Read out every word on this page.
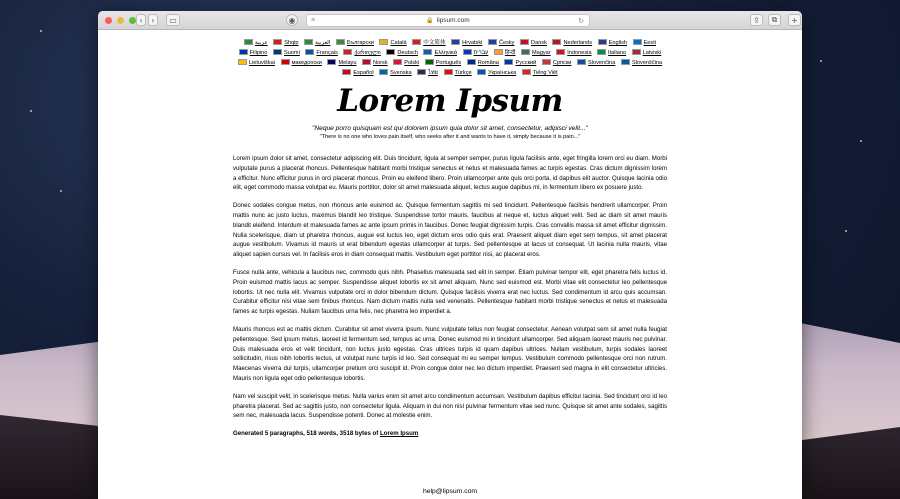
‹	›	▭	◉	≡	🔒 lipsum.com	↻	⇪	⧉	+
عربية	Shqip	العربية	Български	Català	中文简体	Hrvatski	Česky	Dansk	Nederlands	English	Eesti Filipino	Suomi	Français	ქართული	Deutsch	Ελληνικά	עברית	हिन्दी	Magyar	Indonesia	Italiano	Latviski Lietuviškai	македонски	Melayu	Norsk	Polski	Português	Româna	Pyccкий	Српски	Slovenčina	Slovenščina Español	Svenska	ไทย	Türkçe	Українська	Tiếng Việt
Lorem Ipsum
"Neque porro quisquam est qui dolorem ipsum quia dolor sit amet, consectetur, adipisci velit..."
"There is no one who loves pain itself, who seeks after it and wants to have it, simply because it is pain..."

Lorem ipsum dolor sit amet, consectetur adipiscing elit. Duis tincidunt, ligula at semper semper, purus ligula facilisis ante, eget fringilla lorem orci eu diam. Morbi vulputate purus a placerat rhoncus. Pellentesque habitant morbi tristique senectus et netus et malesuada fames ac turpis egestas. Cras dictum dignissim lorem a efficitur. Nunc efficitur purus in orci placerat rhoncus. Proin eu eleifend libero. Proin ullamcorper ante quis orci porta, id dapibus elit auctor. Quisque lacinia odio elit, eget commodo massa volutpat eu. Mauris porttitor, dolor sit amet malesuada aliquet, lectus augue dapibus mi, in fermentum libero ex posuere justo.

Donec sodales congue metus, non rhoncus ante euismod ac. Quisque fermentum sagittis mi sed tincidunt. Pellentesque facilisis hendrerit ullamcorper. Proin mattis nunc ac justo luctus, maximus blandit leo tristique. Suspendisse tortor mauris, faucibus at neque et, luctus aliquet velit. Sed ac diam sit amet mauris blandit eleifend. Interdum et malesuada fames ac ante ipsum primis in faucibus. Donec feugiat dignissim turpis. Cras convallis massa sit amet efficitur dignissim. Nulla scelerisque, diam ut pharetra rhoncus, augue est luctus leo, eget dictum eros odio quis erat. Praesent aliquet diam eget sem tempus, sit amet placerat augue vestibulum. Vivamus id mauris ut erat bibendum egestas ullamcorper at turpis. Sed pellentesque at lacus ut consequat. Ut lacinia nulla mauris, vitae aliquet sapien cursus vel. In facilisis eros in diam consequat mattis. Vestibulum eget porttitor nisi, ac placerat eros.

Fusce nulla ante, vehicula a faucibus nec, commodo quis nibh. Phasellus malesuada sed elit in semper. Etiam pulvinar tempor elit, eget pharetra felis luctus id. Proin euismod mattis lacus ac semper. Suspendisse aliquet lobortis ex sit amet aliquam. Nunc sed euismod est. Morbi vitae elit consectetur leo pellentesque lobortis. Ut nec nulla elit. Vivamus vulputate orci in dolor bibendum dictum. Quisque facilisis viverra erat nec luctus. Sed condimentum id arcu quis accumsan. Curabitur efficitur nisi vitae sem finibus rhoncus. Nam dictum mattis nulla sed venenatis. Pellentesque habitant morbi tristique senectus et netus et malesuada fames ac turpis egestas. Nullam faucibus urna felis, nec pharetra leo imperdiet a.

Mauris rhoncus est ac mattis dictum. Curabitur sit amet viverra ipsum. Nunc vulputate tellus non feugiat consectetur. Aenean volutpat sem sit amet nulla feugiat pellentesque. Sed ipsum metus, laoreet id fermentum sed, tempus ac urna. Donec euismod mi in tincidunt ullamcorper. Sed aliquam laoreet mauris nec pulvinar. Duis malesuada eros et velit tincidunt, non luctus justo egestas. Cras ultrices turpis id quam dapibus ultrices. Nullam vestibulum, turpis sodales laoreet sollicitudin, risus nibh lobortis lectus, ut volutpat nunc turpis id leo. Sed consequat mi eu semper tempus. Vestibulum commodo pellentesque orci non rutrum. Maecenas viverra dui turpis, ullamcorper pretium orci suscipit id. Proin congue dolor nec leo dictum imperdiet. Praesent sed magna in elit consectetur ultricies. Mauris non ligula eget odio pellentesque lobortis.

Nam vel suscipit velit, in scelerisque metus. Nulla varius enim sit amet arcu condimentum accumsan. Vestibulum dapibus efficitur lacinia. Sed tincidunt orci id leo pharetra placerat. Sed ac sagittis justo, non consectetur ligula. Aliquam in dui non nisl pulvinar fermentum vitae sed nunc. Quisque sit amet ante sodales, sagittis sem nec, malesuada lacus. Suspendisse potenti. Donec at molestie enim.

Generated 5 paragraphs, 518 words, 3518 bytes of Lorem Ipsum

help@lipsum.com
